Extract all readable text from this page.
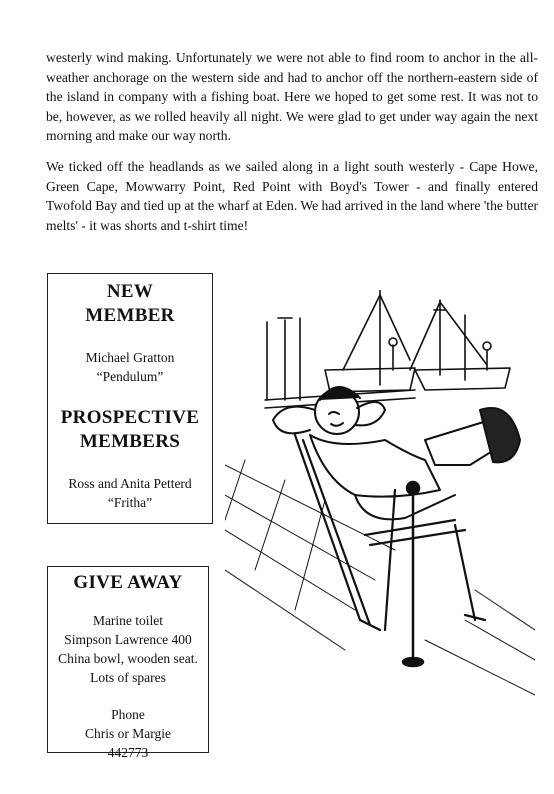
westerly wind making. Unfortunately we were not able to find room to anchor in the all-weather anchorage on the western side and had to anchor off the northern-eastern side of the island in company with a fishing boat. Here we hoped to get some rest. It was not to be, however, as we rolled heavily all night. We were glad to get under way again the next morning and make our way north.

We ticked off the headlands as we sailed along in a light south westerly - Cape Howe, Green Cape, Mowwarry Point, Red Point with Boyd's Tower - and finally entered Twofold Bay and tied up at the wharf at Eden. We had arrived in the land where 'the butter melts' - it was shorts and t-shirt time!

NEW
MEMBER
Michael Gratton
“Pendulum”
PROSPECTIVE
MEMBERS
Ross and Anita Petterd
“Fritha”
GIVE AWAY
Marine toilet
Simpson Lawrence 400
China bowl, wooden seat.
Lots of spares
Phone
Chris or Margie
442773
